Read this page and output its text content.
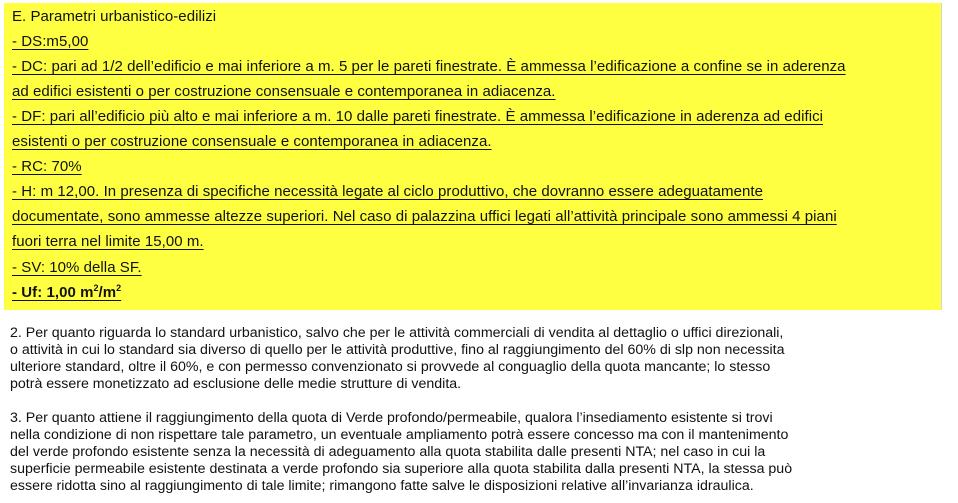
E. Parametri urbanistico-edilizi
- DS:m5,00
- DC: pari ad 1/2 dell’edificio e mai inferiore a m. 5 per le pareti finestrate. È ammessa l’edificazione a confine se in aderenza
ad edifici esistenti o per costruzione consensuale e contemporanea in adiacenza.
- DF: pari all’edificio più alto e mai inferiore a m. 10 dalle pareti finestrate. È ammessa l’edificazione in aderenza ad edifici
esistenti o per costruzione consensuale e contemporanea in adiacenza.
- RC: 70%
- H: m 12,00. In presenza di specifiche necessità legate al ciclo produttivo, che dovranno essere adeguatamente
documentate, sono ammesse altezze superiori. Nel caso di palazzina uffici legati all’attività principale sono ammessi 4 piani
fuori terra nel limite 15,00 m.
- SV: 10% della SF.
- Uf: 1,00 $m^2/m^2$
2. Per quanto riguarda lo standard urbanistico, salvo che per le attività commerciali di vendita al dettaglio o uffici direzionali,
o attività in cui lo standard sia diverso di quello per le attività produttive, fino al raggiungimento del 60% di slp non necessita
ulteriore standard, oltre il 60%, e con permesso convenzionato si provvede al conguaglio della quota mancante; lo stesso
potrà essere monetizzato ad esclusione delle medie strutture di vendita.
3. Per quanto attiene il raggiungimento della quota di Verde profondo/permeabile, qualora l’insediamento esistente si trovi
nella condizione di non rispettare tale parametro, un eventuale ampliamento potrà essere concesso ma con il mantenimento
del verde profondo esistente senza la necessità di adeguamento alla quota stabilita dalle presenti NTA; nel caso in cui la
superficie permeabile esistente destinata a verde profondo sia superiore alla quota stabilita dalla presenti NTA, la stessa può
essere ridotta sino al raggiungimento di tale limite; rimangono fatte salve le disposizioni relative all’invarianza idraulica.
